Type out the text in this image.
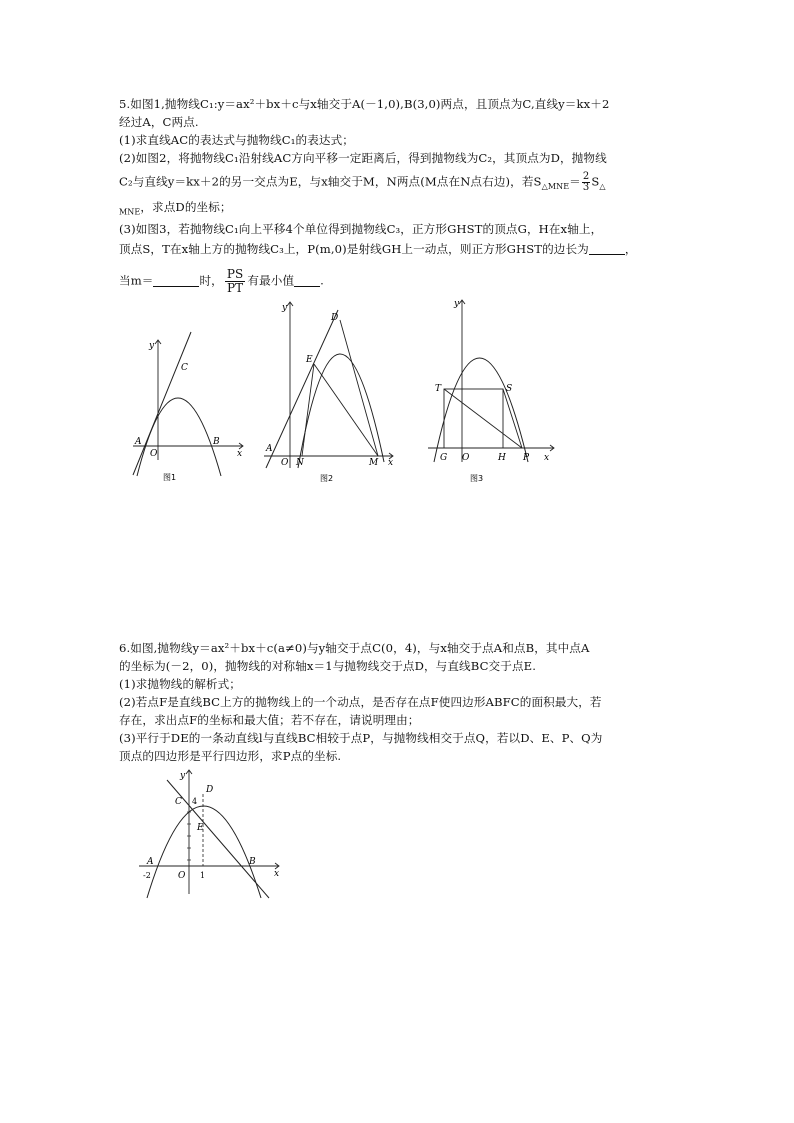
5.如图1,抛物线C₁:y＝ax²＋bx＋c与x轴交于A(－1,0),B(3,0)两点，且顶点为C,直线y＝kx＋2
经过A，C两点.
(1)求直线AC的表达式与抛物线C₁的表达式；
(2)如图2，将抛物线C₁沿射线AC方向平移一定距离后，得到抛物线为C₂，其顶点为D，抛物线
C₂与直线y＝kx＋2的另一交点为E，与x轴交于M，N两点(M点在N点右边)，若$S_{\triangle MNE}= \frac{2}{3} S_\triangle$
$_{MNE}$，求点D的坐标；
(3)如图3，若抛物线C₁向上平移4个单位得到抛物线C₃，正方形GHST的顶点G，H在x轴上，
顶点S，T在x轴上方的抛物线C₃上，P(m,0)是射线GH上一动点，则正方形GHST的边长为	，
当m＝	时， $\frac{PS}{PT}$ 有最小值 .
y
x
A
O
B
C
图1
y
x
A
O N	M
E
D
图2
y
x
G O	H P
T	S
图3
6.如图,抛物线y＝ax²＋bx＋c(a≠0)与y轴交于点C(0，4)，与x轴交于点A和点B，其中点A
的坐标为(－2，0)，抛物线的对称轴x＝1与抛物线交于点D，与直线BC交于点E.
(1)求抛物线的解析式；
(2)若点F是直线BC上方的抛物线上的一个动点，是否存在点F使四边形ABFC的面积最大，若
存在，求出点F的坐标和最大值；若不存在，请说明理由；
(3)平行于DE的一条动直线l与直线BC相较于点P，与抛物线相交于点Q，若以D、E、P、Q为
顶点的四边形是平行四边形，求P点的坐标.
y
x
A
-2	O 1
B
C 4
D
E
